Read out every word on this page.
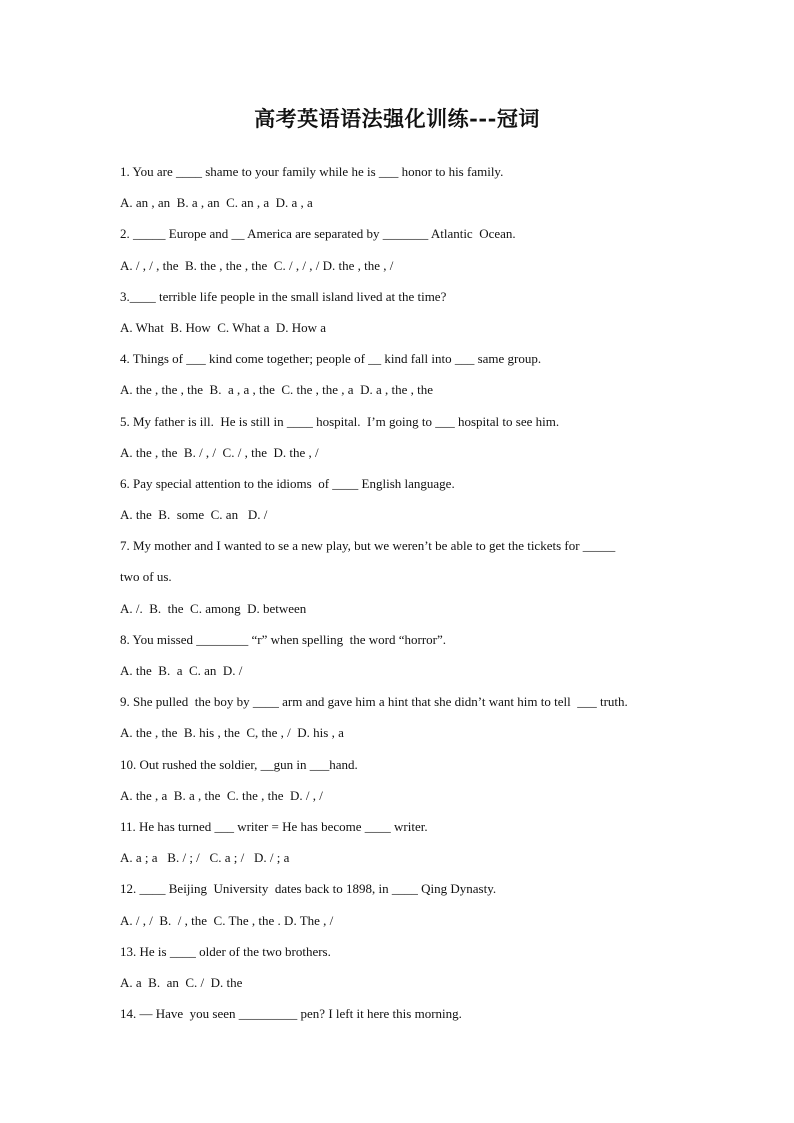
高考英语语法强化训练---冠词
1. You are ____ shame to your family while he is ___ honor to his family.
A. an , an  B. a , an  C. an , a  D. a , a
2. _____ Europe and __ America are separated by _______ Atlantic  Ocean.
A. / , / , the  B. the , the , the  C. / , / , / D. the , the , /
3.____ terrible life people in the small island lived at the time?
A. What  B. How  C. What a  D. How a
4. Things of ___ kind come together; people of __ kind fall into ___ same group.
A. the , the , the  B.  a , a , the  C. the , the , a  D. a , the , the
5. My father is ill.  He is still in ____ hospital.  I’m going to ___ hospital to see him.
A. the , the  B. / , /  C. / , the  D. the , /
6. Pay special attention to the idioms  of ____ English language.
A. the  B.  some  C. an   D. /
7. My mother and I wanted to se a new play, but we weren’t be able to get the tickets for _____
two of us.
A. /.  B.  the  C. among  D. between
8. You missed ________ “r” when spelling  the word “horror”.
A. the  B.  a  C. an  D. /
9. She pulled  the boy by ____ arm and gave him a hint that she didn’t want him to tell  ___ truth.
A. the , the  B. his , the  C, the , /  D. his , a
10. Out rushed the soldier, __gun in ___hand.
A. the , a  B. a , the  C. the , the  D. / , /
11. He has turned ___ writer = He has become ____ writer.
A. a ; a   B. / ; /   C. a ; /   D. / ; a
12. ____ Beijing  University  dates back to 1898, in ____ Qing Dynasty.
A. / , /  B.  / , the  C. The , the . D. The , /
13. He is ____ older of the two brothers.
A. a  B.  an  C. /  D. the
14. — Have  you seen _________ pen? I left it here this morning.
